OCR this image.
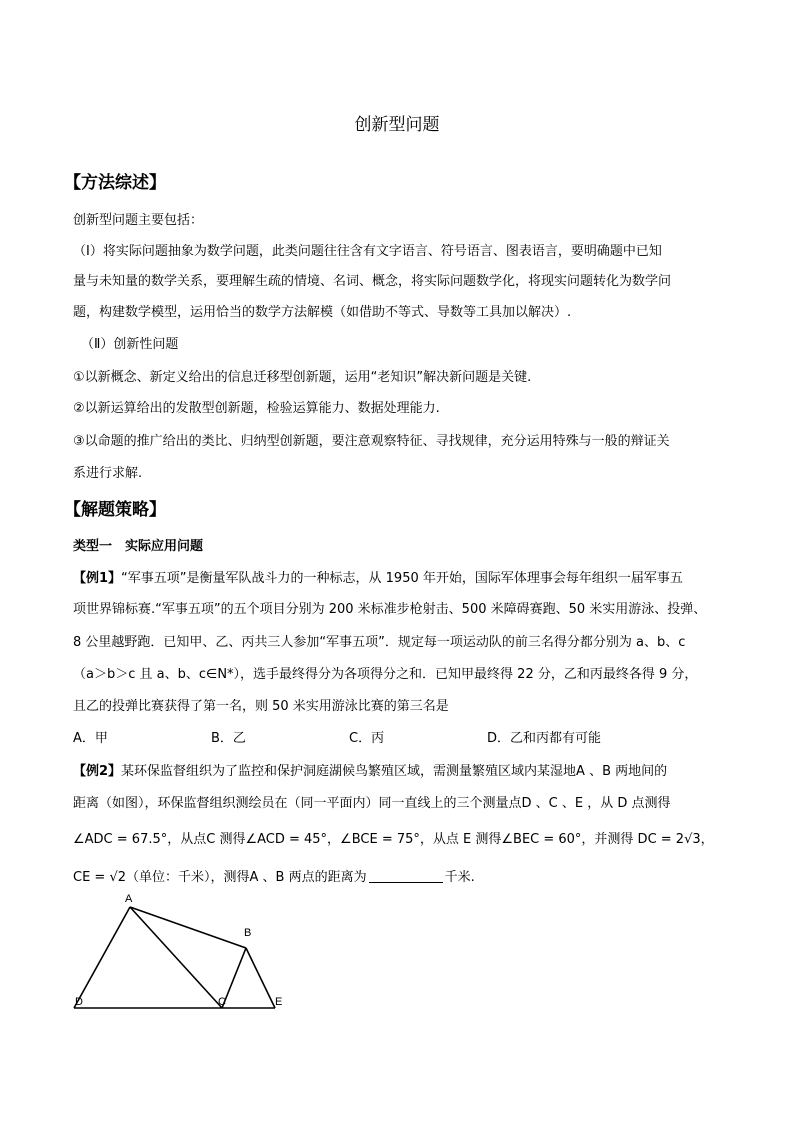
创新型问题
【方法综述】
创新型问题主要包括：
（Ⅰ）将实际问题抽象为数学问题，此类问题往往含有文字语言、符号语言、图表语言，要明确题中已知
量与未知量的数学关系，要理解生疏的情境、名词、概念，将实际问题数学化，将现实问题转化为数学问
题，构建数学模型，运用恰当的数学方法解模（如借助不等式、导数等工具加以解决）.
（Ⅱ）创新性问题
①以新概念、新定义给出的信息迁移型创新题，运用“老知识”解决新问题是关键.
②以新运算给出的发散型创新题，检验运算能力、数据处理能力.
③以命题的推广给出的类比、归纳型创新题，要注意观察特征、寻找规律，充分运用特殊与一般的辩证关
系进行求解.
【解题策略】
类型一　实际应用问题
【例1】“军事五项”是衡量军队战斗力的一种标志，从 1950 年开始，国际军体理事会每年组织一届军事五
项世界锦标赛.“军事五项”的五个项目分别为 200 米标准步枪射击、500 米障碍赛跑、50 米实用游泳、投弹、
8 公里越野跑．已知甲、乙、丙共三人参加“军事五项”．规定每一项运动队的前三名得分都分别为 a、b、c
（a＞b＞c 且 a、b、c∈N*），选手最终得分为各项得分之和．已知甲最终得 22 分，乙和丙最终各得 9 分，
且乙的投弹比赛获得了第一名，则 50 米实用游泳比赛的第三名是
A．甲	B．乙	C．丙	D．乙和丙都有可能
【例2】某环保监督组织为了监控和保护洞庭湖候鸟繁殖区域，需测量繁殖区域内某湿地A 、B 两地间的
距离（如图），环保监督组织测绘员在（同一平面内）同一直线上的三个测量点D 、C 、E ，从 D 点测得
∠ADC = 67.5°，从点C 测得∠ACD = 45°，∠BCE = 75°，从点 E 测得∠BEC = 60°，并测得 DC = 2√3，
CE = √2（单位：千米），测得A 、B 两点的距离为	千米.
A
B
D	C	E
